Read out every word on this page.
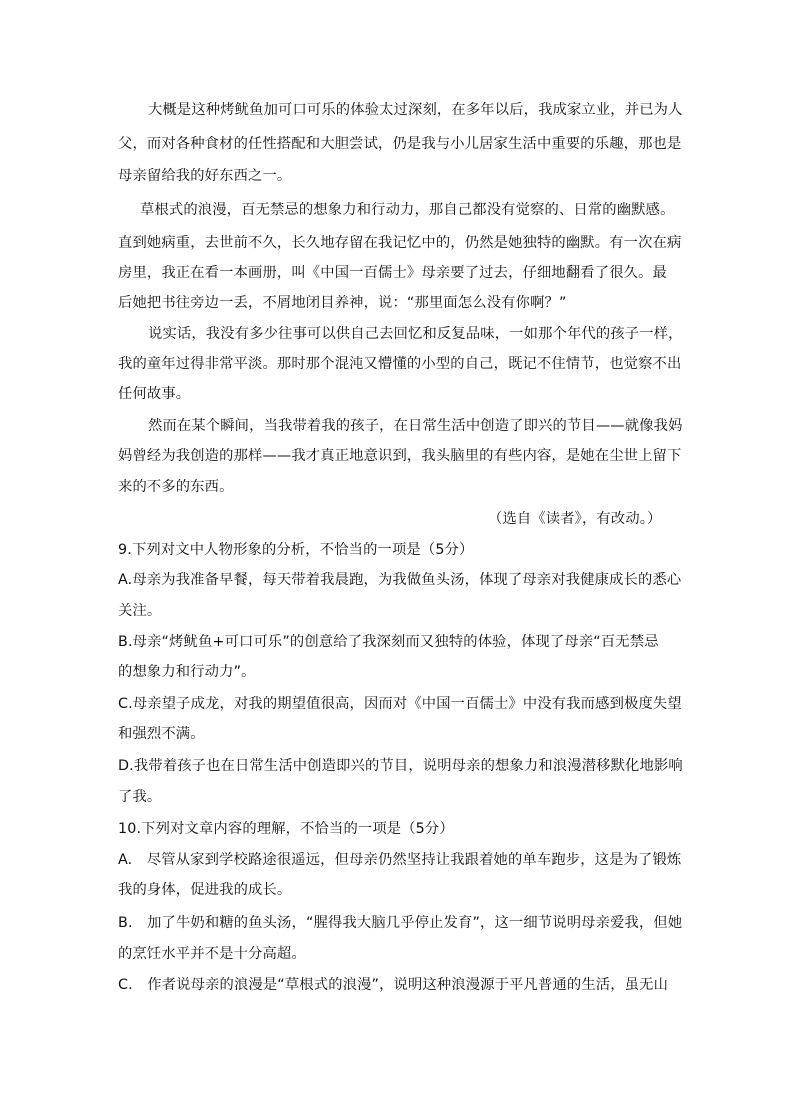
大概是这种烤鱿鱼加可口可乐的体验太过深刻，在多年以后，我成家立业，并已为人
父，而对各种食材的任性搭配和大胆尝试，仍是我与小儿居家生活中重要的乐趣，那也是
母亲留给我的好东西之一。
草根式的浪漫，百无禁忌的想象力和行动力，那自己都没有觉察的、日常的幽默感。
直到她病重，去世前不久，长久地存留在我记忆中的，仍然是她独特的幽默。有一次在病
房里，我正在看一本画册，叫《中国一百儒士》母亲要了过去，仔细地翻看了很久。最
后她把书往旁边一丢，不屑地闭目养神，说：“那里面怎么没有你啊？”
说实话，我没有多少往事可以供自己去回忆和反复品味，一如那个年代的孩子一样，
我的童年过得非常平淡。那时那个混沌又懵懂的小型的自己，既记不住情节，也觉察不出
任何故事。
然而在某个瞬间，当我带着我的孩子，在日常生活中创造了即兴的节目——就像我妈
妈曾经为我创造的那样——我才真正地意识到，我头脑里的有些内容，是她在尘世上留下
来的不多的东西。
（选自《读者》，有改动。）
9.下列对文中人物形象的分析，不恰当的一项是（5分）
A.母亲为我准备早餐，每天带着我晨跑，为我做鱼头汤，体现了母亲对我健康成长的悉心
关注。
B.母亲“烤鱿鱼+可口可乐”的创意给了我深刻而又独特的体验，体现了母亲“百无禁忌
的想象力和行动力”。
C.母亲望子成龙，对我的期望值很高，因而对《中国一百儒士》中没有我而感到极度失望
和强烈不满。
D.我带着孩子也在日常生活中创造即兴的节目，说明母亲的想象力和浪漫潜移默化地影响
了我。
10.下列对文章内容的理解，不恰当的一项是（5分）
A.　尽管从家到学校路途很遥远，但母亲仍然坚持让我跟着她的单车跑步，这是为了锻炼
我的身体，促进我的成长。
B.　加了牛奶和糖的鱼头汤，“腥得我大脑几乎停止发育”，这一细节说明母亲爱我，但她
的烹饪水平并不是十分高超。
C.　作者说母亲的浪漫是“草根式的浪漫”，说明这种浪漫源于平凡普通的生活，虽无山
